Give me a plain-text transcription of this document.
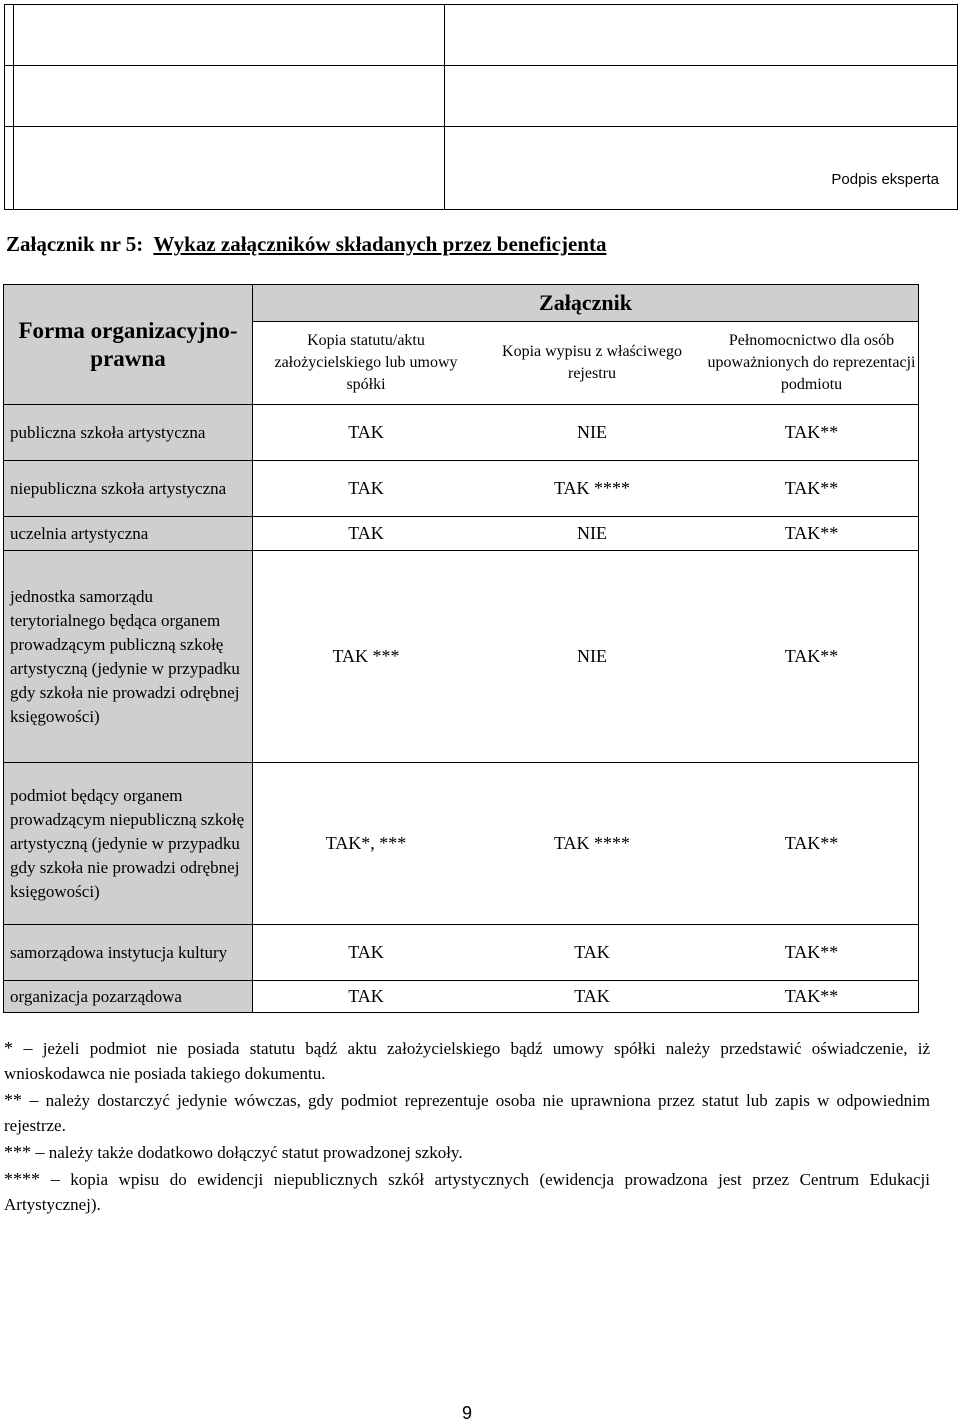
		Podpis eksperta
Załącznik nr 5: Wykaz załączników składanych przez beneficjenta
Forma organizacyjno-prawna	Załącznik		
	Kopia statutu/aktu założycielskiego lub umowy spółki	Kopia wypisu z właściwego rejestru	Pełnomocnictwo dla osób upoważnionych do reprezentacji podmiotu
publiczna szkoła artystyczna	TAK	NIE	TAK**
niepubliczna szkoła artystyczna	TAK	TAK ****	TAK**
uczelnia artystyczna	TAK	NIE	TAK**
jednostka samorządu terytorialnego będąca organem prowadzącym publiczną szkołę artystyczną (jedynie w przypadku gdy szkoła nie prowadzi odrębnej księgowości)	TAK ***	NIE	TAK**
podmiot będący organem prowadzącym niepubliczną szkołę artystyczną (jedynie w przypadku gdy szkoła nie prowadzi odrębnej księgowości)	TAK*, ***	TAK ****	TAK**
samorządowa instytucja kultury	TAK	TAK	TAK**
organizacja pozarządowa	TAK	TAK	TAK**

* – jeżeli podmiot nie posiada statutu bądź aktu założycielskiego bądź umowy spółki należy przedstawić oświadczenie, iż wnioskodawca nie posiada takiego dokumentu.

** – należy dostarczyć jedynie wówczas, gdy podmiot reprezentuje osoba nie uprawniona przez statut lub zapis w odpowiednim rejestrze.

*** – należy także dodatkowo dołączyć statut prowadzonej szkoły.

**** – kopia wpisu do ewidencji niepublicznych szkół artystycznych (ewidencja prowadzona jest przez Centrum Edukacji Artystycznej).

9
